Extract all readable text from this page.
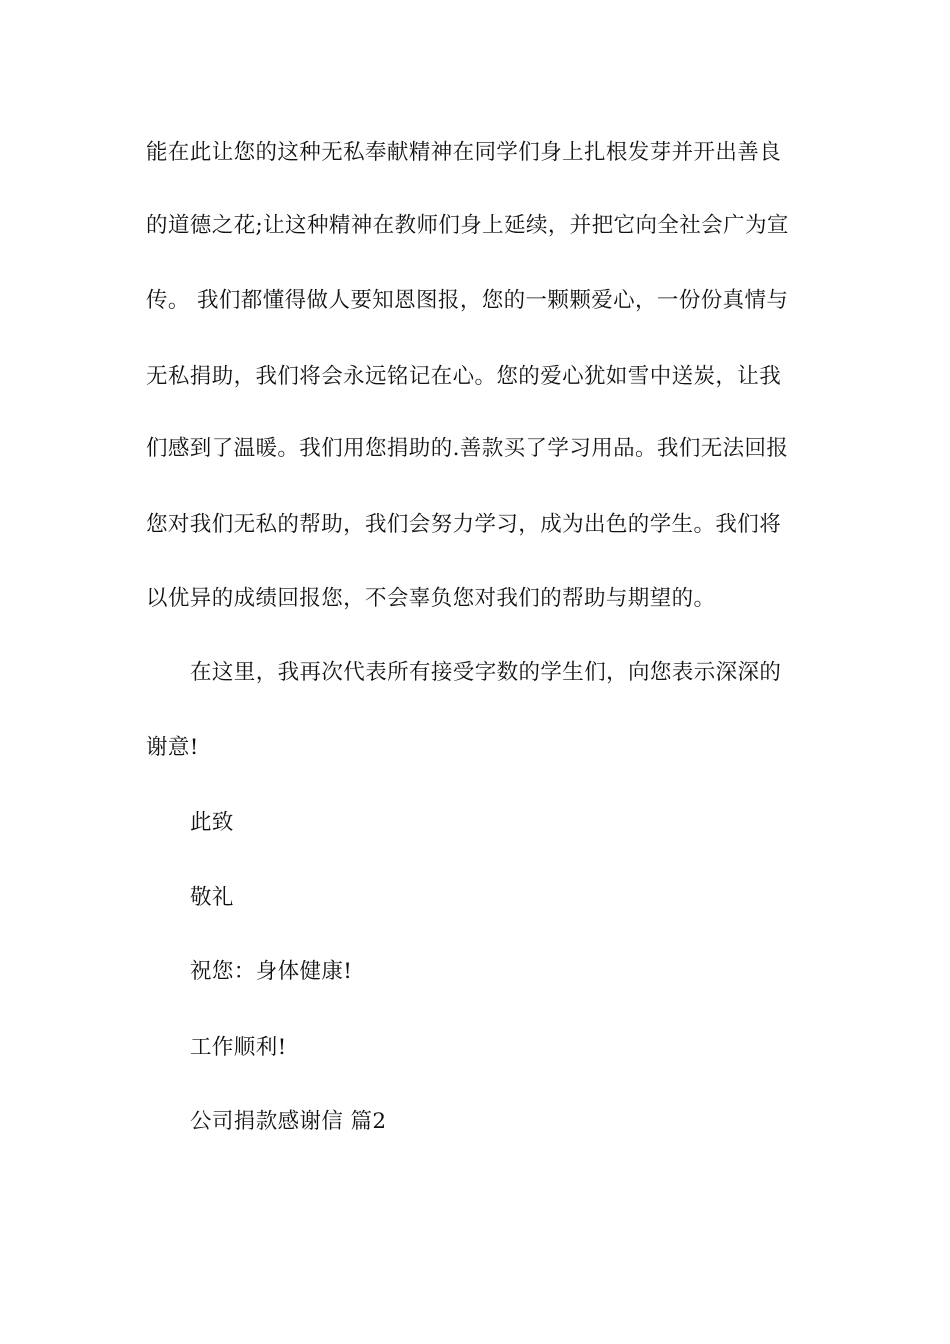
能在此让您的这种无私奉献精神在同学们身上扎根发芽并开出善良
的道德之花;让这种精神在教师们身上延续，并把它向全社会广为宣
传。 我们都懂得做人要知恩图报，您的一颗颗爱心，一份份真情与
无私捐助，我们将会永远铭记在心。您的爱心犹如雪中送炭，让我
们感到了温暖。我们用您捐助的.善款买了学习用品。我们无法回报
您对我们无私的帮助，我们会努力学习，成为出色的学生。我们将
以优异的成绩回报您，不会辜负您对我们的帮助与期望的。
在这里，我再次代表所有接受字数的学生们，向您表示深深的
谢意!
此致
敬礼
祝您：身体健康!
工作顺利!
公司捐款感谢信 篇2
